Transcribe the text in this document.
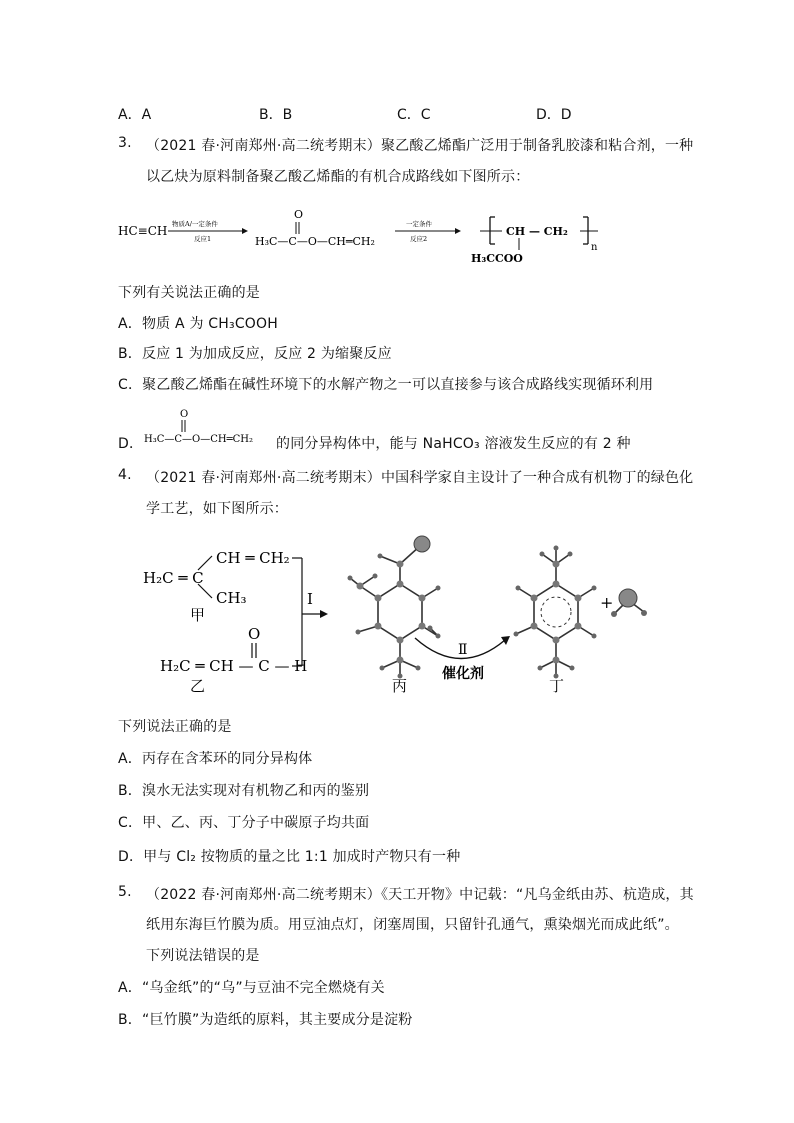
A．A	B．B	C．C	D．D
3. （2021 春·河南郑州·高二统考期末）聚乙酸乙烯酯广泛用于制备乳胶漆和粘合剂，一种
以乙炔为原料制备聚乙酸乙烯酯的有机合成路线如下图所示：
HC≡CH 物质A/一定条件
反应1	H₃C—C—O—CH═CH₂
O
一定条件
反应2
CH — CH₂
n
H₃CCOO
下列有关说法正确的是
A．物质 A 为 CH₃COOH
B．反应 1 为加成反应，反应 2 为缩聚反应
C．聚乙酸乙烯酯在碱性环境下的水解产物之一可以直接参与该合成路线实现循环利用
D． H₃C—C—O—CH═CH₂
O
的同分异构体中，能与 NaHCO₃ 溶液发生反应的有 2 种
4. （2021 春·河南郑州·高二统考期末）中国科学家自主设计了一种合成有机物丁的绿色化
学工艺，如下图所示：
H₂C ═ C
CH ═ CH₂
CH₃
甲
H₂C ═ CH — C — H
O
乙
I
丙
Ⅱ
催化剂
丁
+
下列说法正确的是
A．丙存在含苯环的同分异构体
B．溴水无法实现对有机物乙和丙的鉴别
C．甲、乙、丙、丁分子中碳原子均共面
D．甲与 Cl₂ 按物质的量之比 1:1 加成时产物只有一种
5. （2022 春·河南郑州·高二统考期末）《天工开物》中记载：“凡乌金纸由苏、杭造成，其
纸用东海巨竹膜为质。用豆油点灯，闭塞周围，只留针孔通气，熏染烟光而成此纸”。
下列说法错误的是
A．“乌金纸”的“乌”与豆油不完全燃烧有关
B．“巨竹膜”为造纸的原料，其主要成分是淀粉
